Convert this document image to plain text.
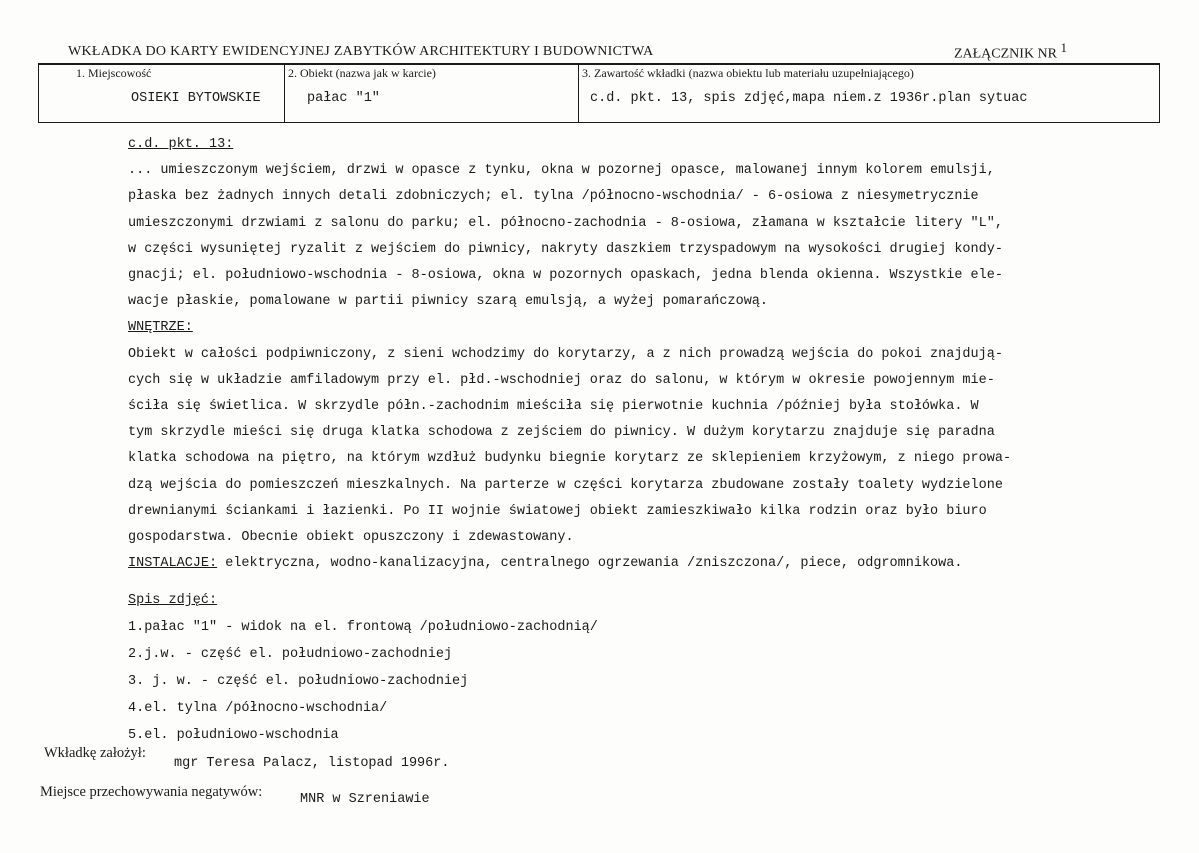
WKŁADKA DO KARTY EWIDENCYJNEJ ZABYTKÓW ARCHITEKTURY I BUDOWNICTWA	ZAŁĄCZNIK NR $^1$
1. Miejscowość	2. Obiekt (nazwa jak w karcie)	3. Zawartość wkładki (nazwa obiektu lub materiału uzupełniającego)
OSIEKI BYTOWSKIE	pałac "1"	c.d. pkt. 13, spis zdjęć,mapa niem.z 1936r.plan sytuac

c.d. pkt. 13:

... umieszczonym wejściem, drzwi w opasce z tynku, okna w pozornej opasce, malowanej innym kolorem emulsji,

płaska bez żadnych innych detali zdobniczych; el. tylna /północno-wschodnia/ - 6-osiowa z niesymetrycznie

umieszczonymi drzwiami z salonu do parku; el. północno-zachodnia - 8-osiowa, złamana w kształcie litery "L",

w części wysuniętej ryzalit z wejściem do piwnicy, nakryty daszkiem trzyspadowym na wysokości drugiej kondy-

gnacji; el. południowo-wschodnia - 8-osiowa, okna w pozornych opaskach, jedna blenda okienna. Wszystkie ele-

wacje płaskie, pomalowane w partii piwnicy szarą emulsją, a wyżej pomarańczową.

WNĘTRZE:

Obiekt w całości podpiwniczony, z sieni wchodzimy do korytarzy, a z nich prowadzą wejścia do pokoi znajdują-

cych się w układzie amfiladowym przy el. płd.-wschodniej oraz do salonu, w którym w okresie powojennym mie-

ściła się świetlica. W skrzydle półn.-zachodnim mieściła się pierwotnie kuchnia /później była stołówka. W

tym skrzydle mieści się druga klatka schodowa z zejściem do piwnicy. W dużym korytarzu znajduje się paradna

klatka schodowa na piętro, na którym wzdłuż budynku biegnie korytarz ze sklepieniem krzyżowym, z niego prowa-

dzą wejścia do pomieszczeń mieszkalnych. Na parterze w części korytarza zbudowane zostały toalety wydzielone

drewnianymi ściankami i łazienki. Po II wojnie światowej obiekt zamieszkiwało kilka rodzin oraz było biuro

gospodarstwa. Obecnie obiekt opuszczony i zdewastowany.

INSTALACJE: elektryczna, wodno-kanalizacyjna, centralnego ogrzewania /zniszczona/, piece, odgromnikowa.

Spis zdjęć:

1.pałac "1" - widok na el. frontową /południowo-zachodnią/

2.j.w. - część el. południowo-zachodniej

3. j. w. - część el. południowo-zachodniej

4.el. tylna /północno-wschodnia/

5.el. południowo-wschodnia

Wkładkę założył:
mgr Teresa Palacz, listopad 1996r.
Miejsce przechowywania negatywów:	MNR w Szreniawie
